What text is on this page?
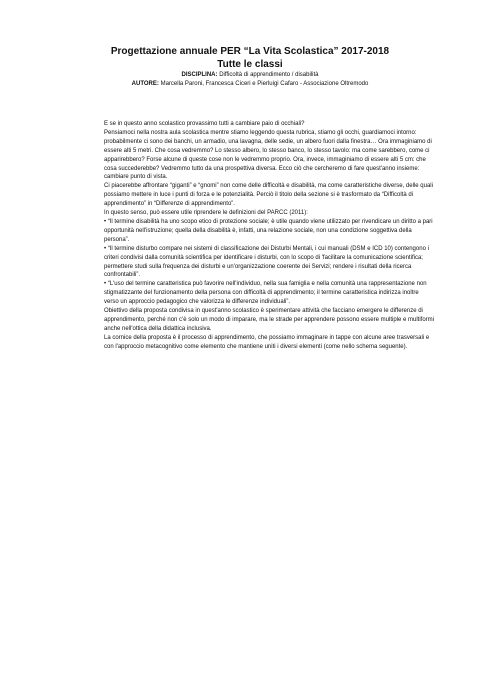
Progettazione annuale PER “La Vita Scolastica” 2017-2018

Tutte le classi

DISCIPLINA: Difficoltà di apprendimento / disabilità

AUTORE: Marcella Paroni, Francesca Ciceri e Pierluigi Cafaro - Associazione Oltremodo

E se in questo anno scolastico provassimo tutti a cambiare paio di occhiali?

Pensiamoci nella nostra aula scolastica mentre stiamo leggendo questa rubrica, stiamo gli occhi, guardiamoci intorno: probabilmente ci sono dei banchi, un armadio, una lavagna, delle sedie, un albero fuori dalla finestra… Ora immaginiamo di essere alti 5 metri. Che cosa vedremmo? Lo stesso albero, lo stesso banco, lo stesso tavolo: ma come sarebbero, come ci apparirebbero? Forse alcune di queste cose non le vedremmo proprio. Ora, invece, immaginiamo di essere alti 5 cm: che cosa succederebbe? Vedremmo tutto da una prospettiva diversa. Ecco ciò che cercheremo di fare quest'anno insieme: cambiare punto di vista.

Ci piacerebbe affrontare “giganti” e “gnomi” non come delle difficoltà e disabilità, ma come caratteristiche diverse, delle quali possiamo mettere in luce i punti di forza e le potenzialità. Perciò il titolo della sezione si è trasformato da “Difficoltà di apprendimento” in “Differenze di apprendimento”.

In questo senso, può essere utile riprendere le definizioni del PARCC (2011):

• “Il termine disabilità ha uno scopo etico di protezione sociale; è utile quando viene utilizzato per rivendicare un diritto a pari opportunità nell'istruzione; quella della disabilità è, infatti, una relazione sociale, non una condizione soggettiva della persona”.

• “Il termine disturbo compare nei sistemi di classificazione dei Disturbi Mentali, i cui manuali (DSM e ICD 10) contengono i criteri condivisi dalla comunità scientifica per identificare i disturbi, con lo scopo di 'facilitare la comunicazione scientifica; permettere studi sulla frequenza dei disturbi e un'organizzazione coerente dei Servizi; rendere i risultati della ricerca confrontabili”.

• “L'uso del termine caratteristica può favorire nell'individuo, nella sua famiglia e nella comunità una rappresentazione non stigmatizzante del funzionamento della persona con difficoltà di apprendimento; il termine caratteristica indirizza inoltre verso un approccio pedagogico che valorizza le differenze individuali”.

Obiettivo della proposta condivisa in quest'anno scolastico è sperimentare attività che facciano emergere le differenze di apprendimento, perché non c'è solo un modo di imparare, ma le strade per apprendere possono essere multiple e multiformi anche nell'ottica della didattica inclusiva.

La cornice della proposta è il processo di apprendimento, che possiamo immaginare in tappe con alcune aree trasversali e con l'approccio metacognitivo come elemento che mantiene uniti i diversi elementi (come nello schema seguente).
